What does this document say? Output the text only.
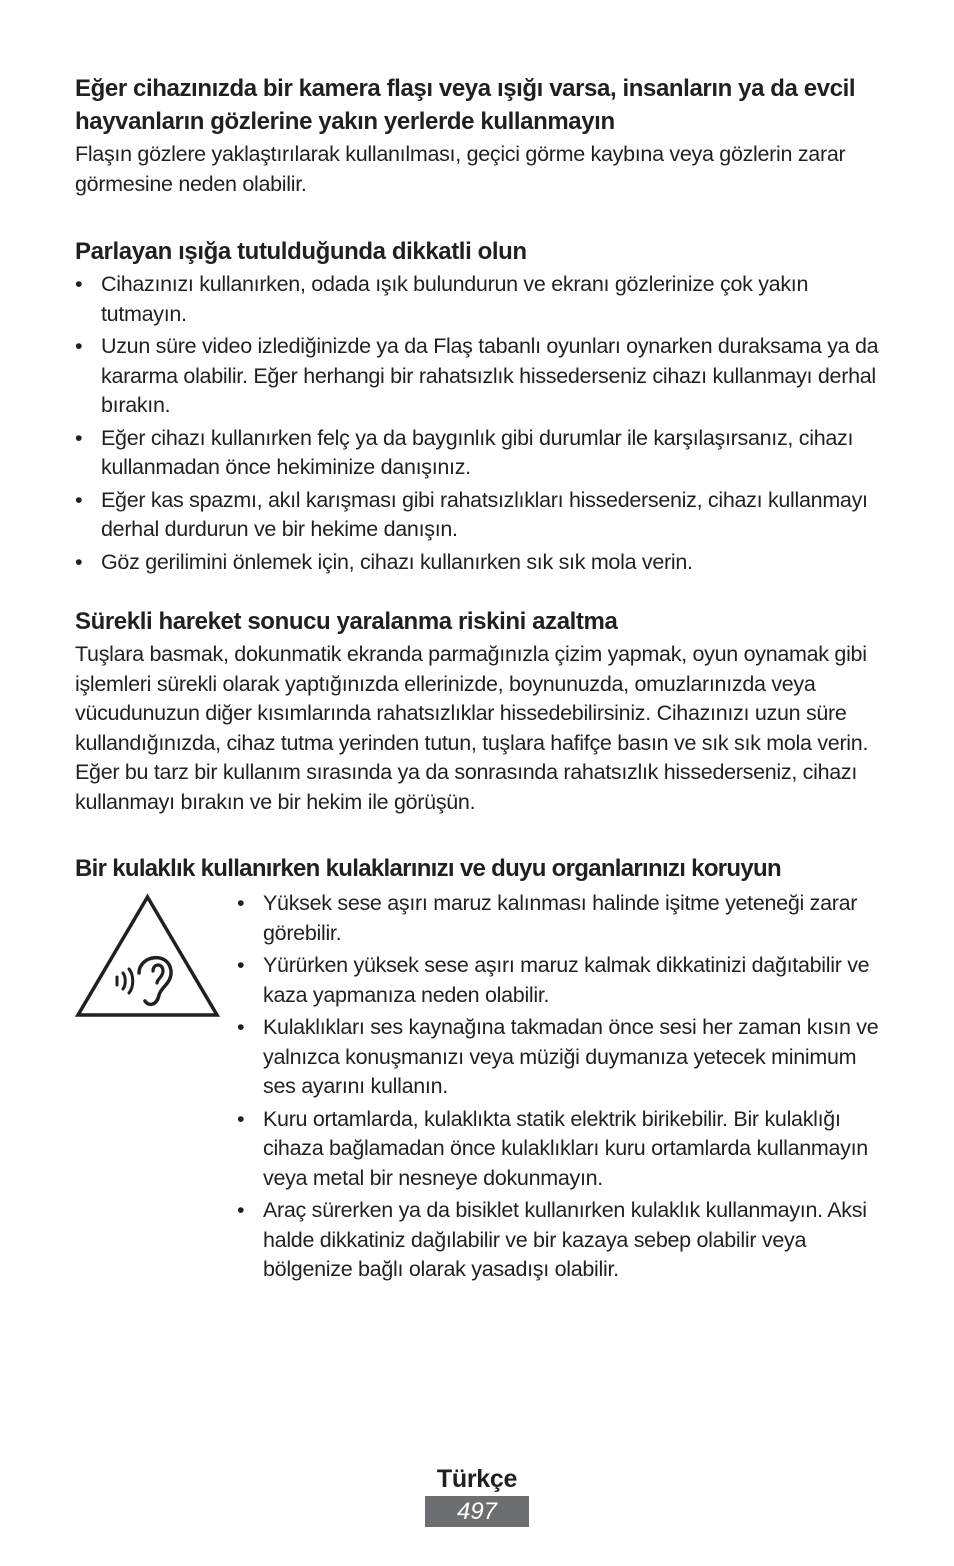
Eğer cihazınızda bir kamera flaşı veya ışığı varsa, insanların ya da evcil hayvanların gözlerine yakın yerlerde kullanmayın

Flaşın gözlere yaklaştırılarak kullanılması, geçici görme kaybına veya gözlerin zarar görmesine neden olabilir.

Parlayan ışığa tutulduğunda dikkatli olun
• Cihazınızı kullanırken, odada ışık bulundurun ve ekranı gözlerinize çok yakın tutmayın.
• Uzun süre video izlediğinizde ya da Flaş tabanlı oyunları oynarken duraksama ya da kararma olabilir. Eğer herhangi bir rahatsızlık hissederseniz cihazı kullanmayı derhal bırakın.
• Eğer cihazı kullanırken felç ya da baygınlık gibi durumlar ile karşılaşırsanız, cihazı kullanmadan önce hekiminize danışınız.
• Eğer kas spazmı, akıl karışması gibi rahatsızlıkları hissederseniz, cihazı kullanmayı derhal durdurun ve bir hekime danışın.
• Göz gerilimini önlemek için, cihazı kullanırken sık sık mola verin.
Sürekli hareket sonucu yaralanma riskini azaltma

Tuşlara basmak, dokunmatik ekranda parmağınızla çizim yapmak, oyun oynamak gibi işlemleri sürekli olarak yaptığınızda ellerinizde, boynunuzda, omuzlarınızda veya vücudunuzun diğer kısımlarında rahatsızlıklar hissedebilirsiniz. Cihazınızı uzun süre kullandığınızda, cihaz tutma yerinden tutun, tuşlara hafifçe basın ve sık sık mola verin. Eğer bu tarz bir kullanım sırasında ya da sonrasında rahatsızlık hissederseniz, cihazı kullanmayı bırakın ve bir hekim ile görüşün.

Bir kulaklık kullanırken kulaklarınızı ve duyu organlarınızı koruyun
• Yüksek sese aşırı maruz kalınması halinde işitme yeteneği zarar görebilir.
• Yürürken yüksek sese aşırı maruz kalmak dikkatinizi dağıtabilir ve kaza yapmanıza neden olabilir.
• Kulaklıkları ses kaynağına takmadan önce sesi her zaman kısın ve yalnızca konuşmanızı veya müziği duymanıza yetecek minimum ses ayarını kullanın.
• Kuru ortamlarda, kulaklıkta statik elektrik birikebilir. Bir kulaklığı cihaza bağlamadan önce kulaklıkları kuru ortamlarda kullanmayın veya metal bir nesneye dokunmayın.
• Araç sürerken ya da bisiklet kullanırken kulaklık kullanmayın. Aksi halde dikkatiniz dağılabilir ve bir kazaya sebep olabilir veya bölgenize bağlı olarak yasadışı olabilir.
Türkçe
497
